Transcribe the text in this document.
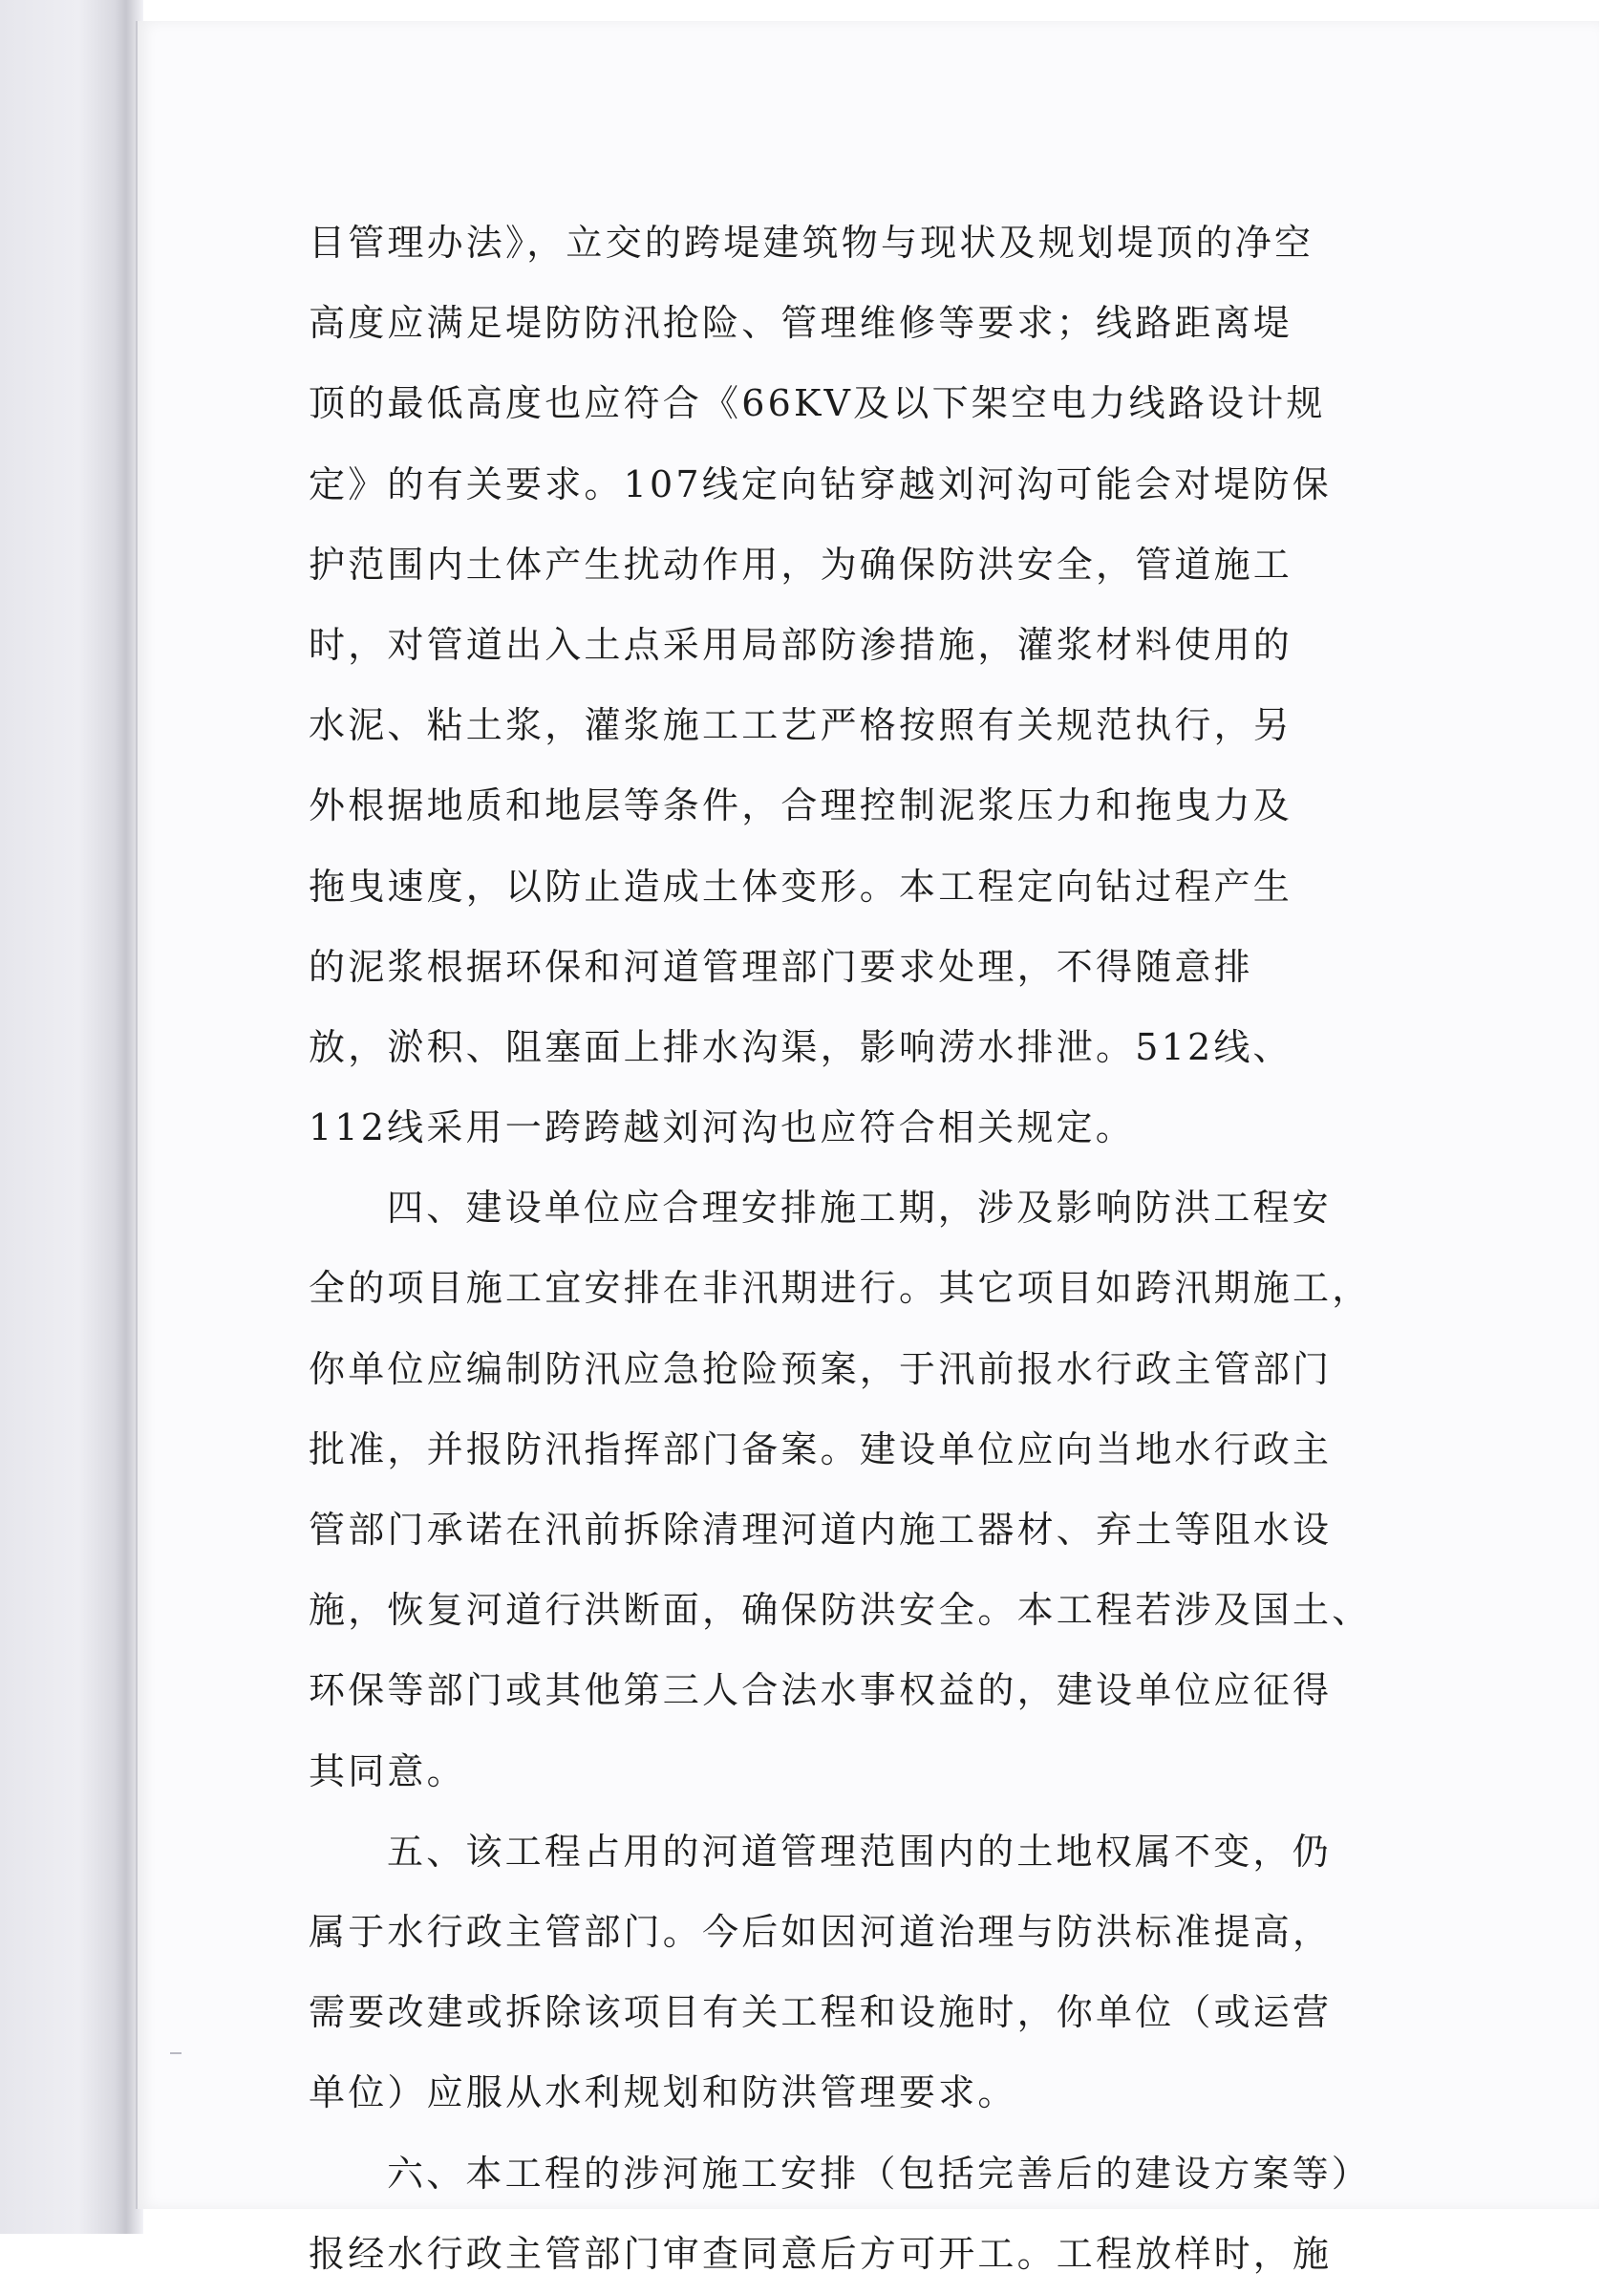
目管理办法》，立交的跨堤建筑物与现状及规划堤顶的净空
高度应满足堤防防汛抢险、管理维修等要求；线路距离堤
顶的最低高度也应符合《66KV及以下架空电力线路设计规
定》的有关要求。107线定向钻穿越刘河沟可能会对堤防保
护范围内土体产生扰动作用，为确保防洪安全，管道施工
时，对管道出入土点采用局部防渗措施，灌浆材料使用的
水泥、粘土浆，灌浆施工工艺严格按照有关规范执行，另
外根据地质和地层等条件，合理控制泥浆压力和拖曳力及
拖曳速度，以防止造成土体变形。本工程定向钻过程产生
的泥浆根据环保和河道管理部门要求处理，不得随意排
放，淤积、阻塞面上排水沟渠，影响涝水排泄。512线、
112线采用一跨跨越刘河沟也应符合相关规定。
四、建设单位应合理安排施工期，涉及影响防洪工程安
全的项目施工宜安排在非汛期进行。其它项目如跨汛期施工，
你单位应编制防汛应急抢险预案，于汛前报水行政主管部门
批准，并报防汛指挥部门备案。建设单位应向当地水行政主
管部门承诺在汛前拆除清理河道内施工器材、弃土等阻水设
施，恢复河道行洪断面，确保防洪安全。本工程若涉及国土、
环保等部门或其他第三人合法水事权益的，建设单位应征得
其同意。
五、该工程占用的河道管理范围内的土地权属不变，仍
属于水行政主管部门。今后如因河道治理与防洪标准提高，
需要改建或拆除该项目有关工程和设施时，你单位（或运营
单位）应服从水利规划和防洪管理要求。
六、本工程的涉河施工安排（包括完善后的建设方案等）
报经水行政主管部门审查同意后方可开工。工程放样时，施
